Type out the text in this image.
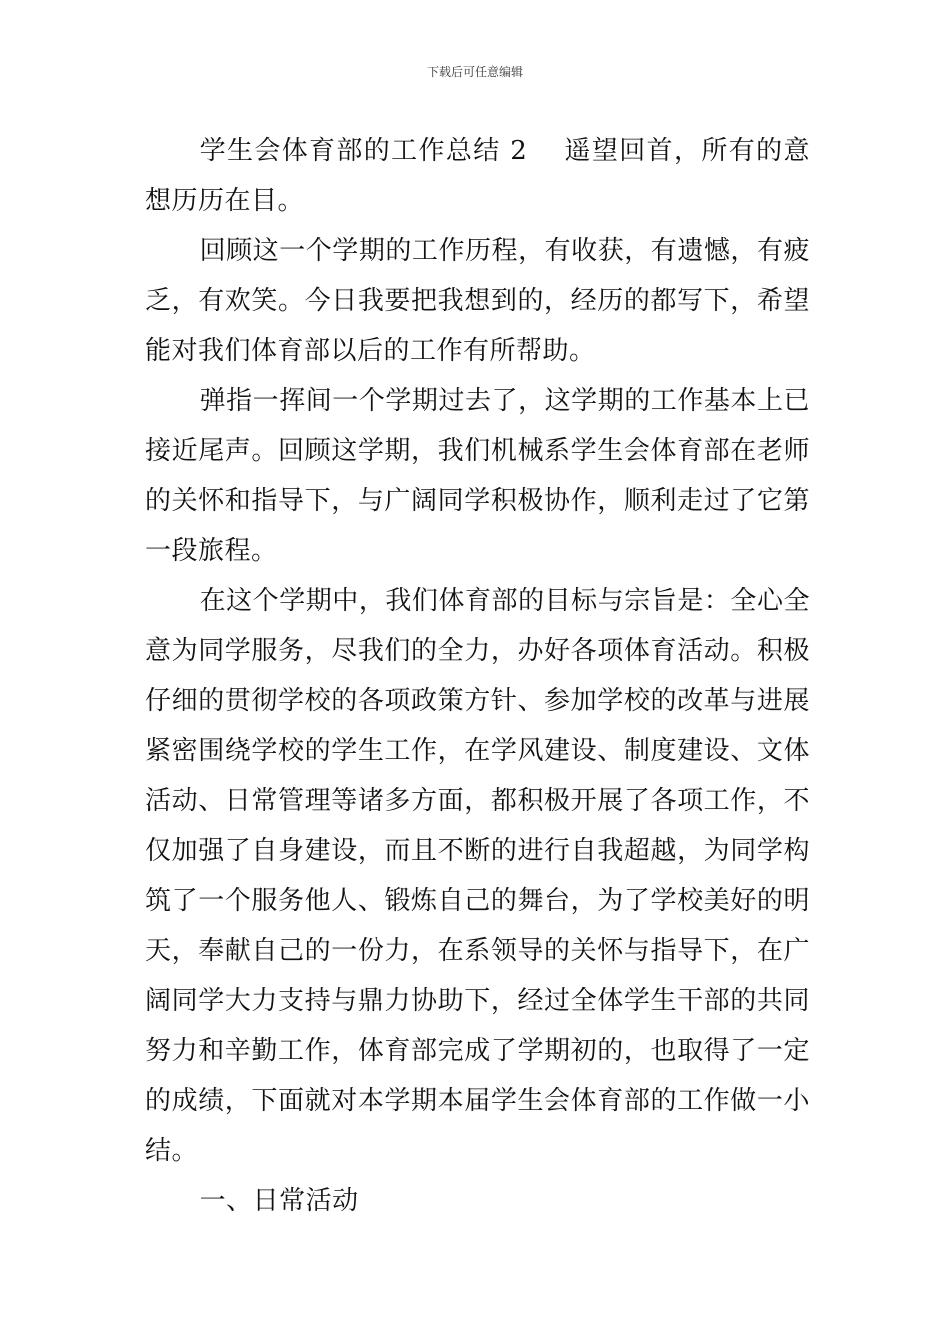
下载后可任意编辑

学生会体育部的工作总结 2 遥望回首，所有的意想历历在目。

回顾这一个学期的工作历程，有收获，有遗憾，有疲乏，有欢笑。今日我要把我想到的，经历的都写下，希望能对我们体育部以后的工作有所帮助。

弹指一挥间一个学期过去了，这学期的工作基本上已接近尾声。回顾这学期，我们机械系学生会体育部在老师的关怀和指导下，与广阔同学积极协作，顺利走过了它第一段旅程。

在这个学期中，我们体育部的目标与宗旨是：全心全意为同学服务，尽我们的全力，办好各项体育活动。积极仔细的贯彻学校的各项政策方针、参加学校的改革与进展紧密围绕学校的学生工作，在学风建设、制度建设、文体活动、日常管理等诸多方面，都积极开展了各项工作，不仅加强了自身建设，而且不断的进行自我超越，为同学构筑了一个服务他人、锻炼自己的舞台，为了学校美好的明天，奉献自己的一份力，在系领导的关怀与指导下，在广阔同学大力支持与鼎力协助下，经过全体学生干部的共同努力和辛勤工作，体育部完成了学期初的，也取得了一定的成绩，下面就对本学期本届学生会体育部的工作做一小结。

一、日常活动
